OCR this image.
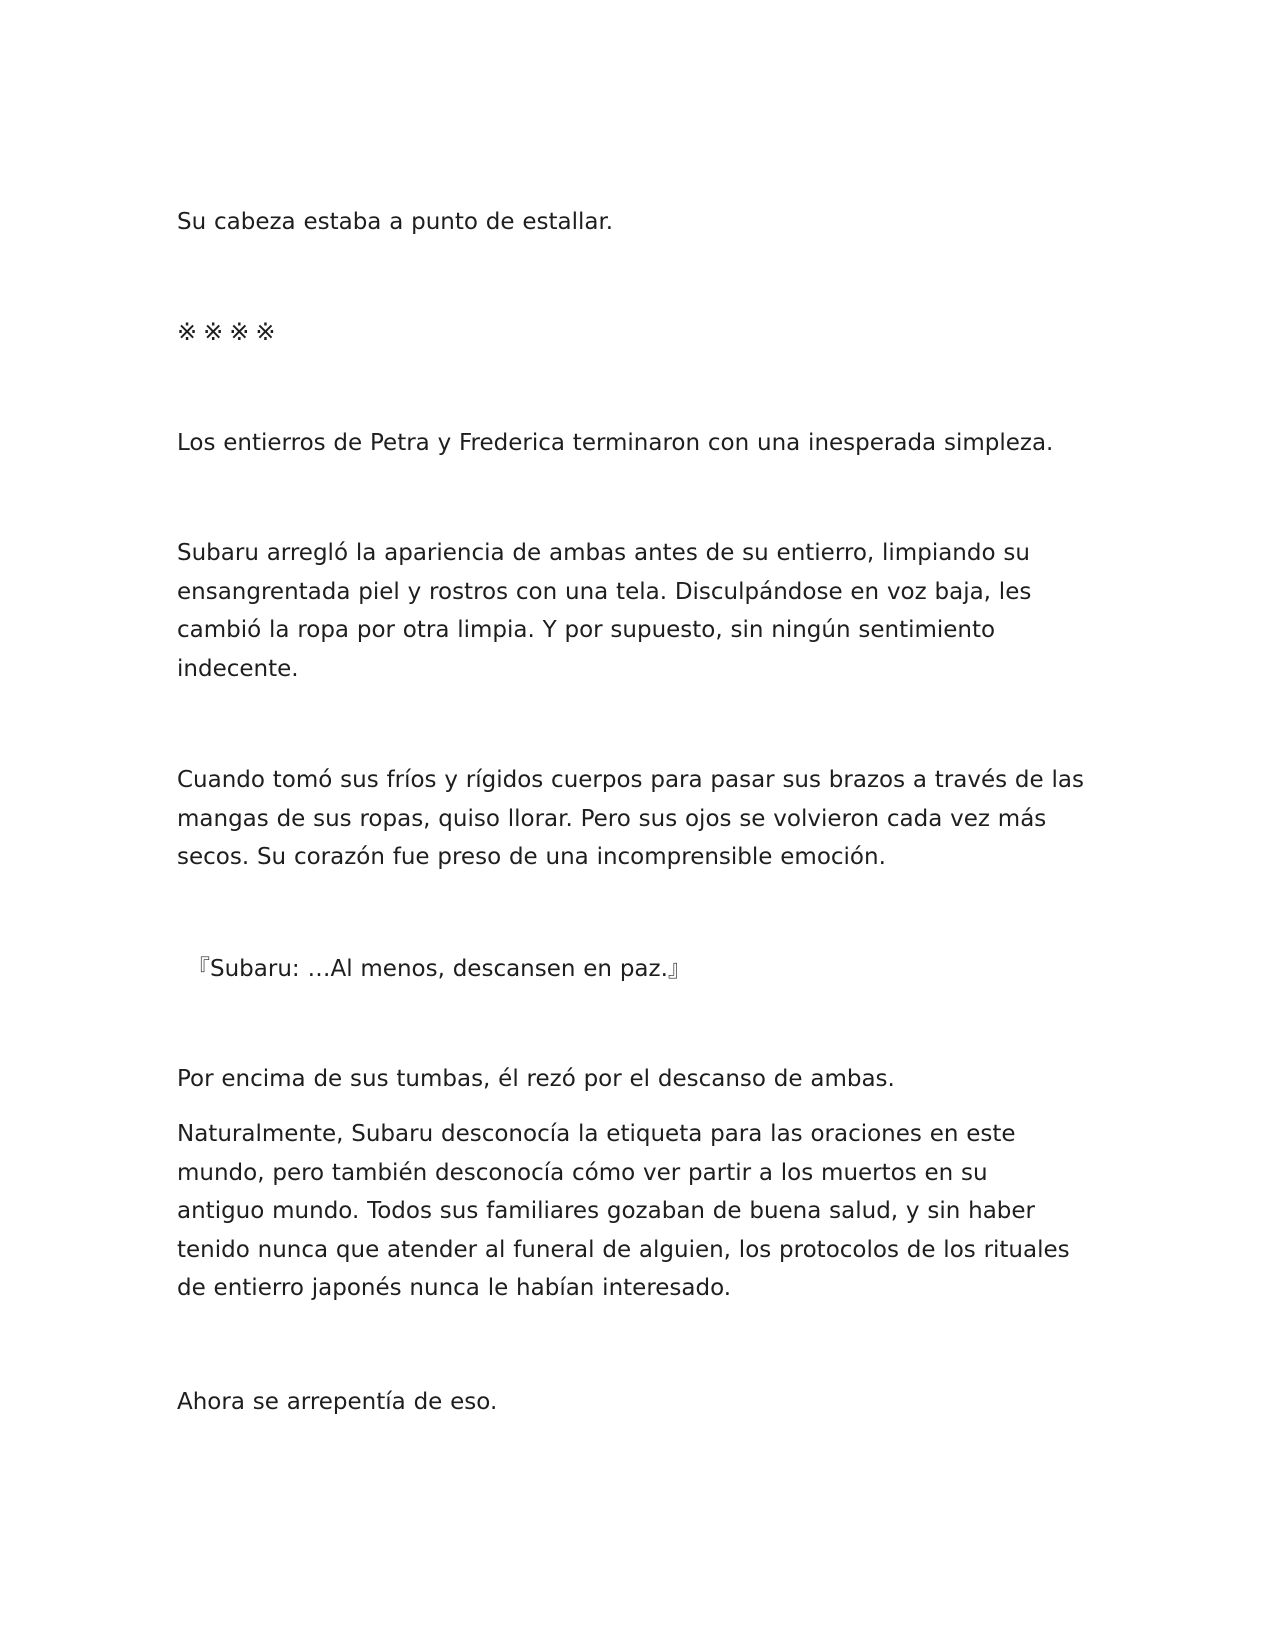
Su cabeza estaba a punto de estallar.

※※※※

Los entierros de Petra y Frederica terminaron con una inesperada simpleza.

Subaru arregló la apariencia de ambas antes de su entierro, limpiando su
ensangrentada piel y rostros con una tela. Disculpándose en voz baja, les
cambió la ropa por otra limpia. Y por supuesto, sin ningún sentimiento
indecente.

Cuando tomó sus fríos y rígidos cuerpos para pasar sus brazos a través de las
mangas de sus ropas, quiso llorar. Pero sus ojos se volvieron cada vez más
secos. Su corazón fue preso de una incomprensible emoción.

『Subaru: …Al menos, descansen en paz.』

Por encima de sus tumbas, él rezó por el descanso de ambas.

Naturalmente, Subaru desconocía la etiqueta para las oraciones en este
mundo, pero también desconocía cómo ver partir a los muertos en su
antiguo mundo. Todos sus familiares gozaban de buena salud, y sin haber
tenido nunca que atender al funeral de alguien, los protocolos de los rituales
de entierro japonés nunca le habían interesado.

Ahora se arrepentía de eso.
